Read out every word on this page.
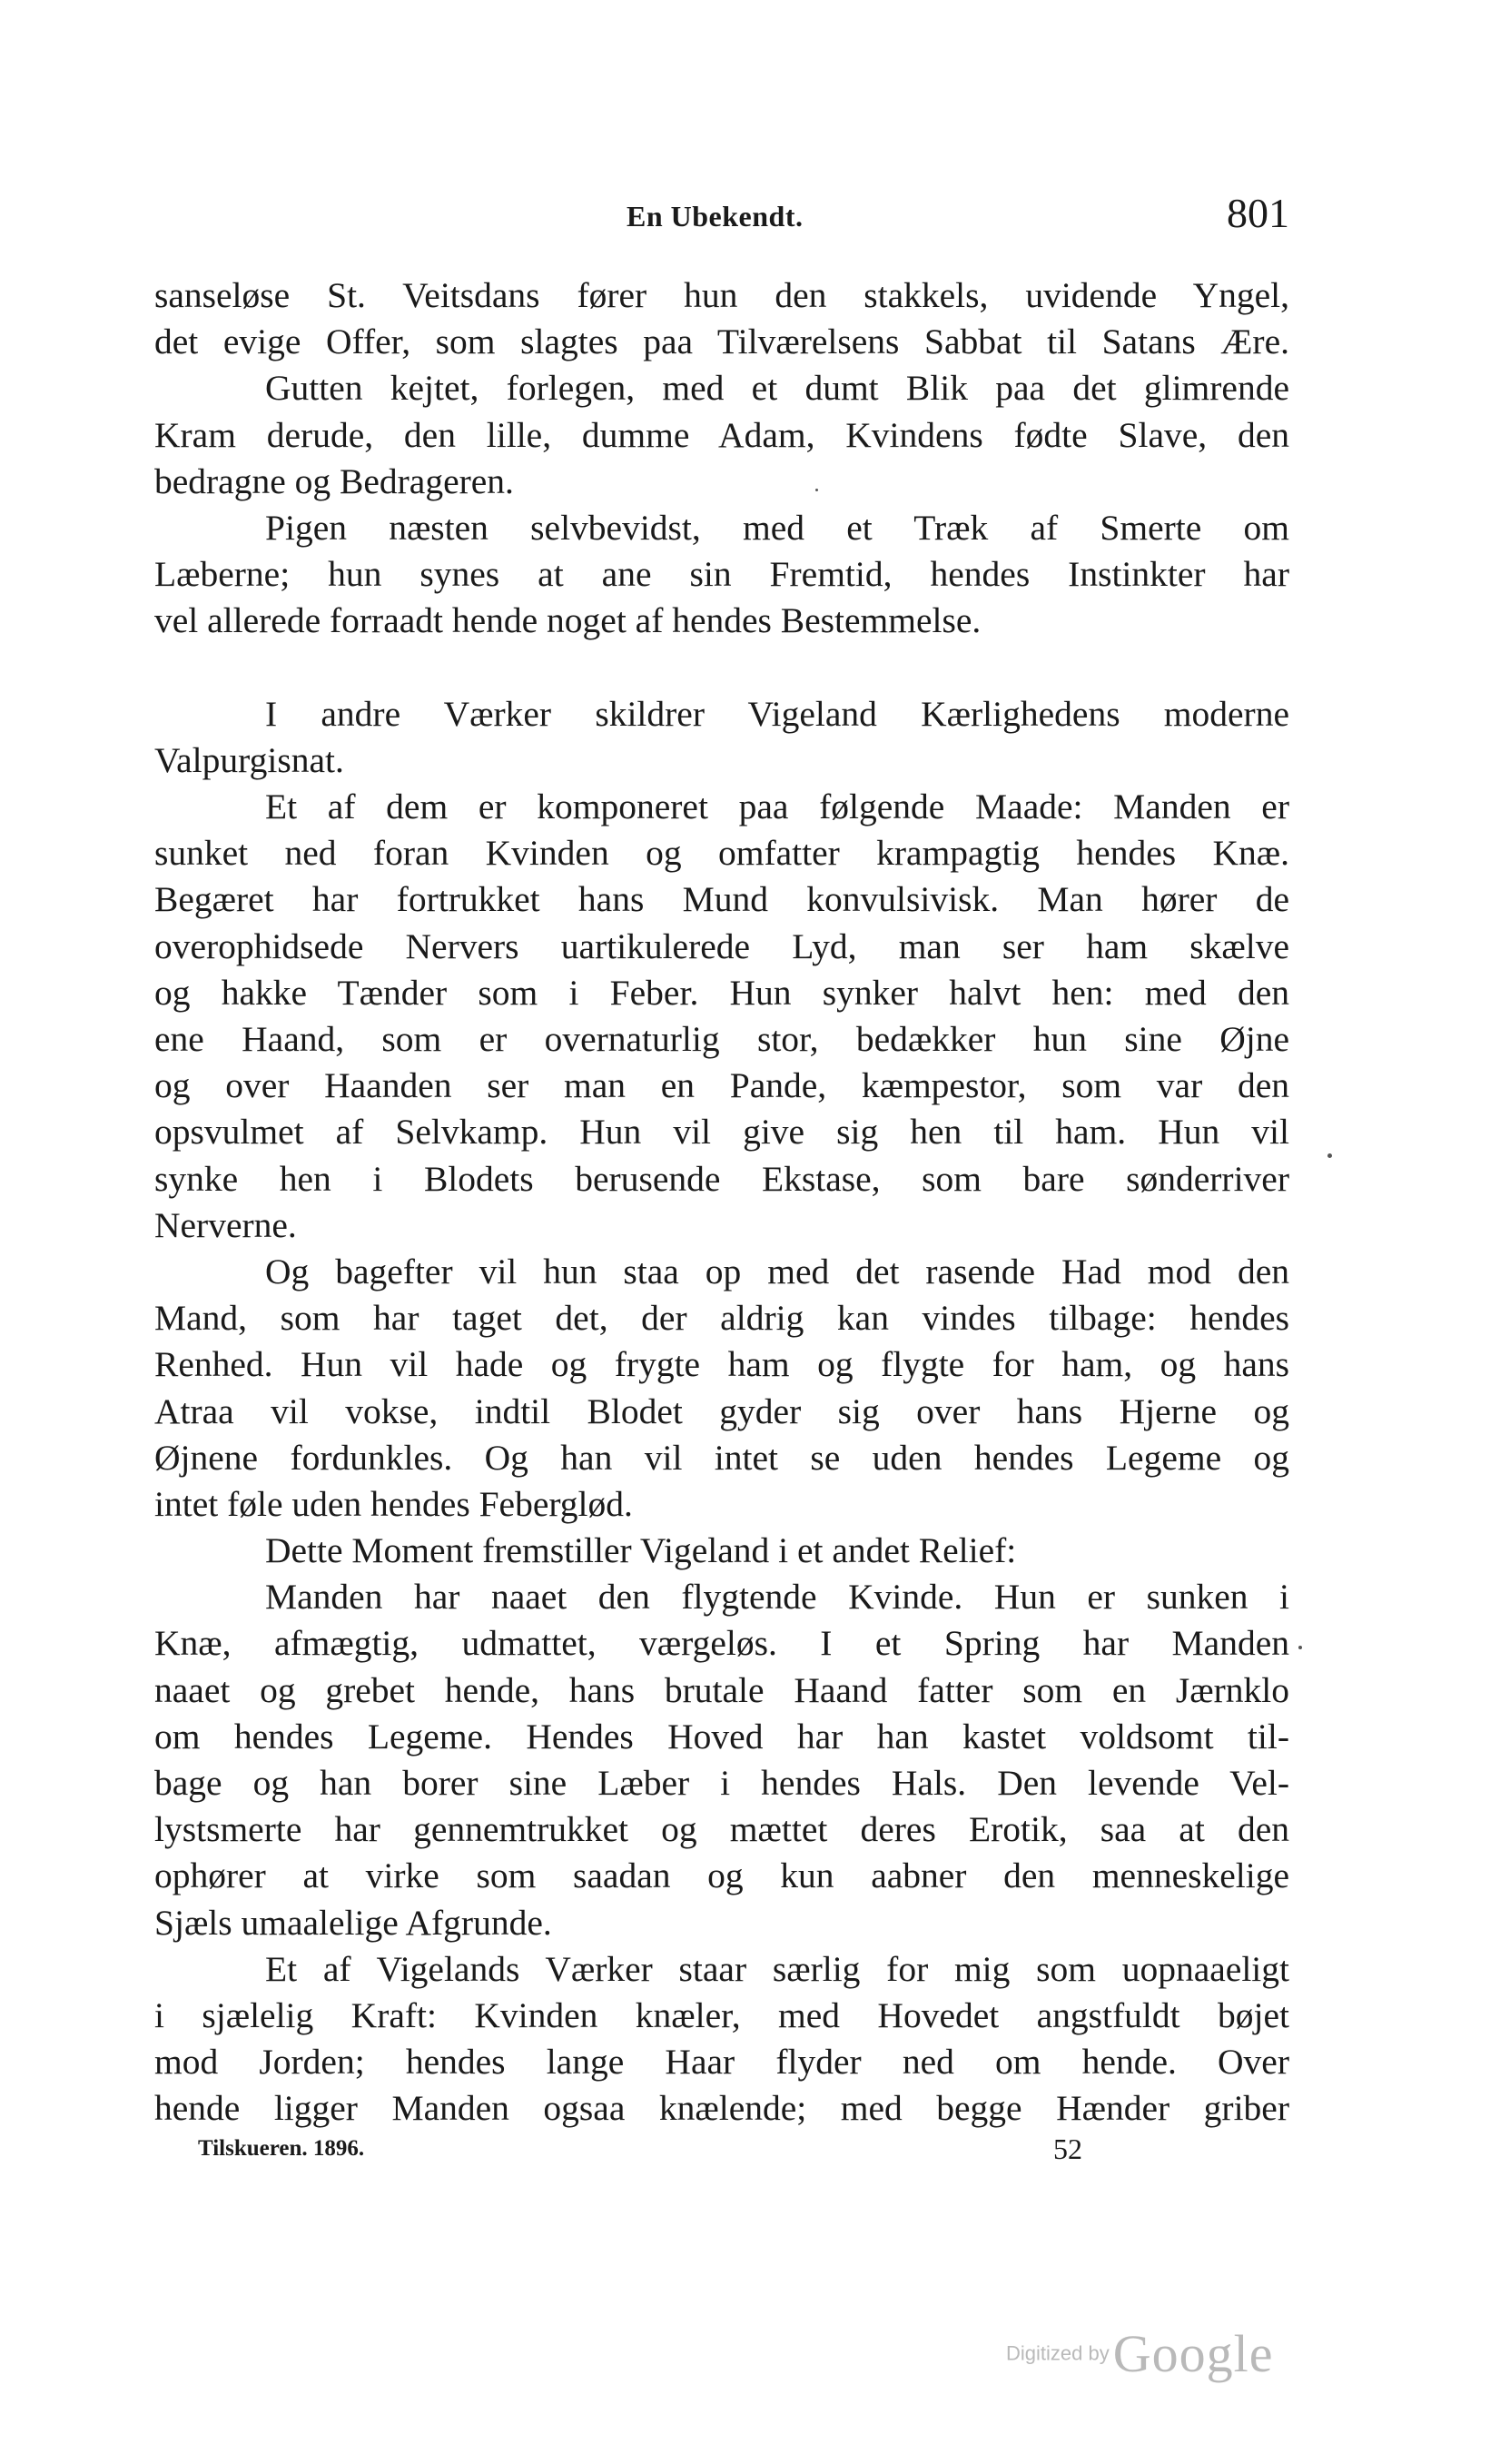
En Ubekendt.	801
sanseløse St. Veitsdans fører hun den stakkels, uvidende Yngel,
det evige Offer, som slagtes paa Tilværelsens Sabbat til Satans Ære.
Gutten kejtet, forlegen, med et dumt Blik paa det glimrende
Kram derude, den lille, dumme Adam, Kvindens fødte Slave, den
bedragne og Bedrageren.
Pigen næsten selvbevidst, med et Træk af Smerte om
Læberne; hun synes at ane sin Fremtid, hendes Instinkter har
vel allerede forraadt hende noget af hendes Bestemmelse.
I andre Værker skildrer Vigeland Kærlighedens moderne
Valpurgisnat.
Et af dem er komponeret paa følgende Maade: Manden er
sunket ned foran Kvinden og omfatter krampagtig hendes Knæ.
Begæret har fortrukket hans Mund konvulsivisk. Man hører de
overophidsede Nervers uartikulerede Lyd, man ser ham skælve
og hakke Tænder som i Feber. Hun synker halvt hen: med den
ene Haand, som er overnaturlig stor, bedækker hun sine Øjne
og over Haanden ser man en Pande, kæmpestor, som var den
opsvulmet af Selvkamp. Hun vil give sig hen til ham. Hun vil
synke hen i Blodets berusende Ekstase, som bare sønderriver
Nerverne.
Og bagefter vil hun staa op med det rasende Had mod den
Mand, som har taget det, der aldrig kan vindes tilbage: hendes
Renhed. Hun vil hade og frygte ham og flygte for ham, og hans
Atraa vil vokse, indtil Blodet gyder sig over hans Hjerne og
Øjnene fordunkles. Og han vil intet se uden hendes Legeme og
intet føle uden hendes Feberglød.
Dette Moment fremstiller Vigeland i et andet Relief:
Manden har naaet den flygtende Kvinde. Hun er sunken i
Knæ, afmægtig, udmattet, værgeløs. I et Spring har Manden
naaet og grebet hende, hans brutale Haand fatter som en Jærnklo
om hendes Legeme. Hendes Hoved har han kastet voldsomt til-
bage og han borer sine Læber i hendes Hals. Den levende Vel-
lystsmerte har gennemtrukket og mættet deres Erotik, saa at den
ophører at virke som saadan og kun aabner den menneskelige
Sjæls umaalelige Afgrunde.
Et af Vigelands Værker staar særlig for mig som uopnaaeligt
i sjælelig Kraft: Kvinden knæler, med Hovedet angstfuldt bøjet
mod Jorden; hendes lange Haar flyder ned om hende. Over
hende ligger Manden ogsaa knælende; med begge Hænder griber
Tilskueren. 1896.	52
Digitized by Google
